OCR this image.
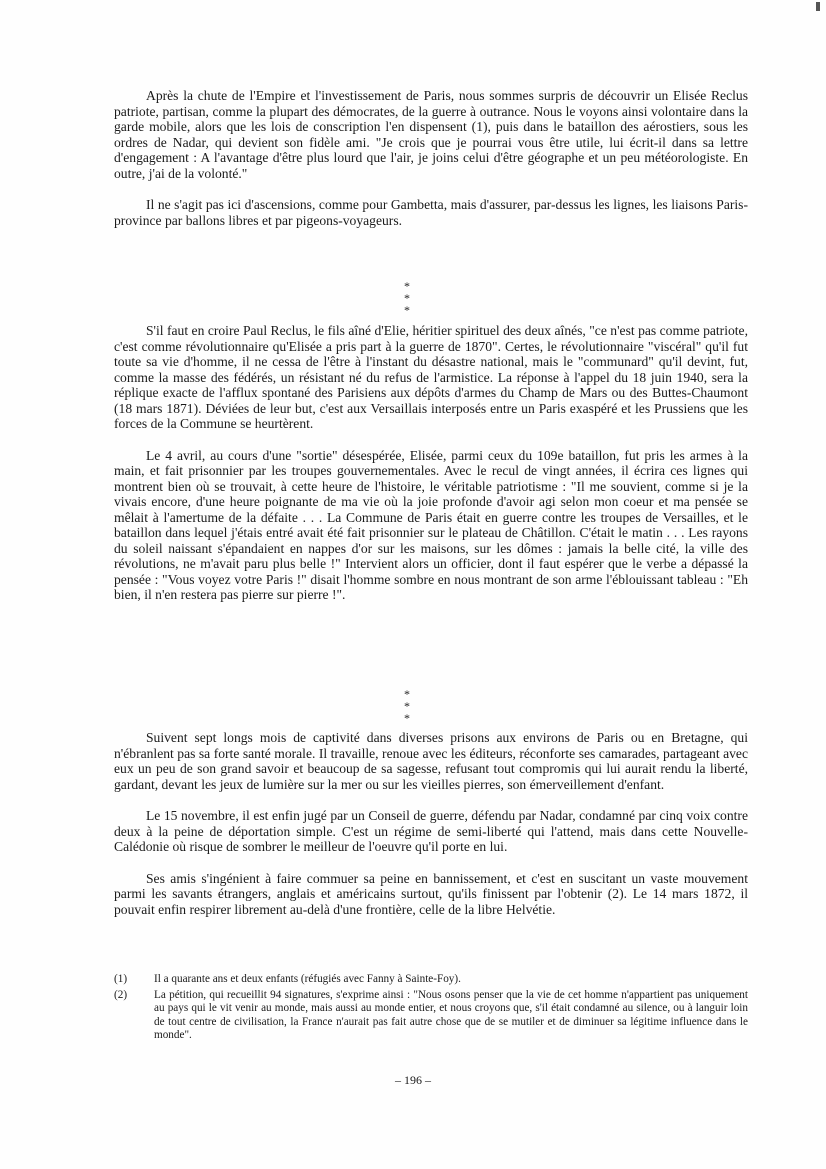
Après la chute de l'Empire et l'investissement de Paris, nous sommes surpris de découvrir un Elisée Reclus patriote, partisan, comme la plupart des démocrates, de la guerre à outrance. Nous le voyons ainsi volontaire dans la garde mobile, alors que les lois de conscription l'en dispensent (1), puis dans le bataillon des aérostiers, sous les ordres de Nadar, qui devient son fidèle ami. "Je crois que je pourrai vous être utile, lui écrit-il dans sa lettre d'engagement : A l'avantage d'être plus lourd que l'air, je joins celui d'être géographe et un peu météorologiste. En outre, j'ai de la volonté."

Il ne s'agit pas ici d'ascensions, comme pour Gambetta, mais d'assurer, par-dessus les lignes, les liaisons Paris-province par ballons libres et par pigeons-voyageurs.

*
* *

S'il faut en croire Paul Reclus, le fils aîné d'Elie, héritier spirituel des deux aînés, "ce n'est pas comme patriote, c'est comme révolutionnaire qu'Elisée a pris part à la guerre de 1870". Certes, le révolutionnaire "viscéral" qu'il fut toute sa vie d'homme, il ne cessa de l'être à l'instant du désastre national, mais le "communard" qu'il devint, fut, comme la masse des fédérés, un résistant né du refus de l'armistice. La réponse à l'appel du 18 juin 1940, sera la réplique exacte de l'afflux spontané des Parisiens aux dépôts d'armes du Champ de Mars ou des Buttes-Chaumont (18 mars 1871). Déviées de leur but, c'est aux Versaillais interposés entre un Paris exaspéré et les Prussiens que les forces de la Commune se heurtèrent.

Le 4 avril, au cours d'une "sortie" désespérée, Elisée, parmi ceux du 109e bataillon, fut pris les armes à la main, et fait prisonnier par les troupes gouvernementales. Avec le recul de vingt années, il écrira ces lignes qui montrent bien où se trouvait, à cette heure de l'histoire, le véritable patriotisme : "Il me souvient, comme si je la vivais encore, d'une heure poignante de ma vie où la joie profonde d'avoir agi selon mon coeur et ma pensée se mêlait à l'amertume de la défaite . . . La Commune de Paris était en guerre contre les troupes de Versailles, et le bataillon dans lequel j'étais entré avait été fait prisonnier sur le plateau de Châtillon. C'était le matin . . . Les rayons du soleil naissant s'épandaient en nappes d'or sur les maisons, sur les dômes : jamais la belle cité, la ville des révolutions, ne m'avait paru plus belle !" Intervient alors un officier, dont il faut espérer que le verbe a dépassé la pensée : "Vous voyez votre Paris !" disait l'homme sombre en nous montrant de son arme l'éblouissant tableau : "Eh bien, il n'en restera pas pierre sur pierre !".

*
* *

Suivent sept longs mois de captivité dans diverses prisons aux environs de Paris ou en Bretagne, qui n'ébranlent pas sa forte santé morale. Il travaille, renoue avec les éditeurs, réconforte ses camarades, partageant avec eux un peu de son grand savoir et beaucoup de sa sagesse, refusant tout compromis qui lui aurait rendu la liberté, gardant, devant les jeux de lumière sur la mer ou sur les vieilles pierres, son émerveillement d'enfant.

Le 15 novembre, il est enfin jugé par un Conseil de guerre, défendu par Nadar, condamné par cinq voix contre deux à la peine de déportation simple. C'est un régime de semi-liberté qui l'attend, mais dans cette Nouvelle-Calédonie où risque de sombrer le meilleur de l'oeuvre qu'il porte en lui.

Ses amis s'ingénient à faire commuer sa peine en bannissement, et c'est en suscitant un vaste mouvement parmi les savants étrangers, anglais et américains surtout, qu'ils finissent par l'obtenir (2). Le 14 mars 1872, il pouvait enfin respirer librement au-delà d'une frontière, celle de la libre Helvétie.

(1)	Il a quarante ans et deux enfants (réfugiés avec Fanny à Sainte-Foy).
(2)	La pétition, qui recueillit 94 signatures, s'exprime ainsi : "Nous osons penser que la vie de cet homme n'appartient pas uniquement au pays qui le vit venir au monde, mais aussi au monde entier, et nous croyons que, s'il était condamné au silence, ou à languir loin de tout centre de civilisation, la France n'aurait pas fait autre chose que de se mutiler et de diminuer sa légitime influence dans le monde".
– 196 –
